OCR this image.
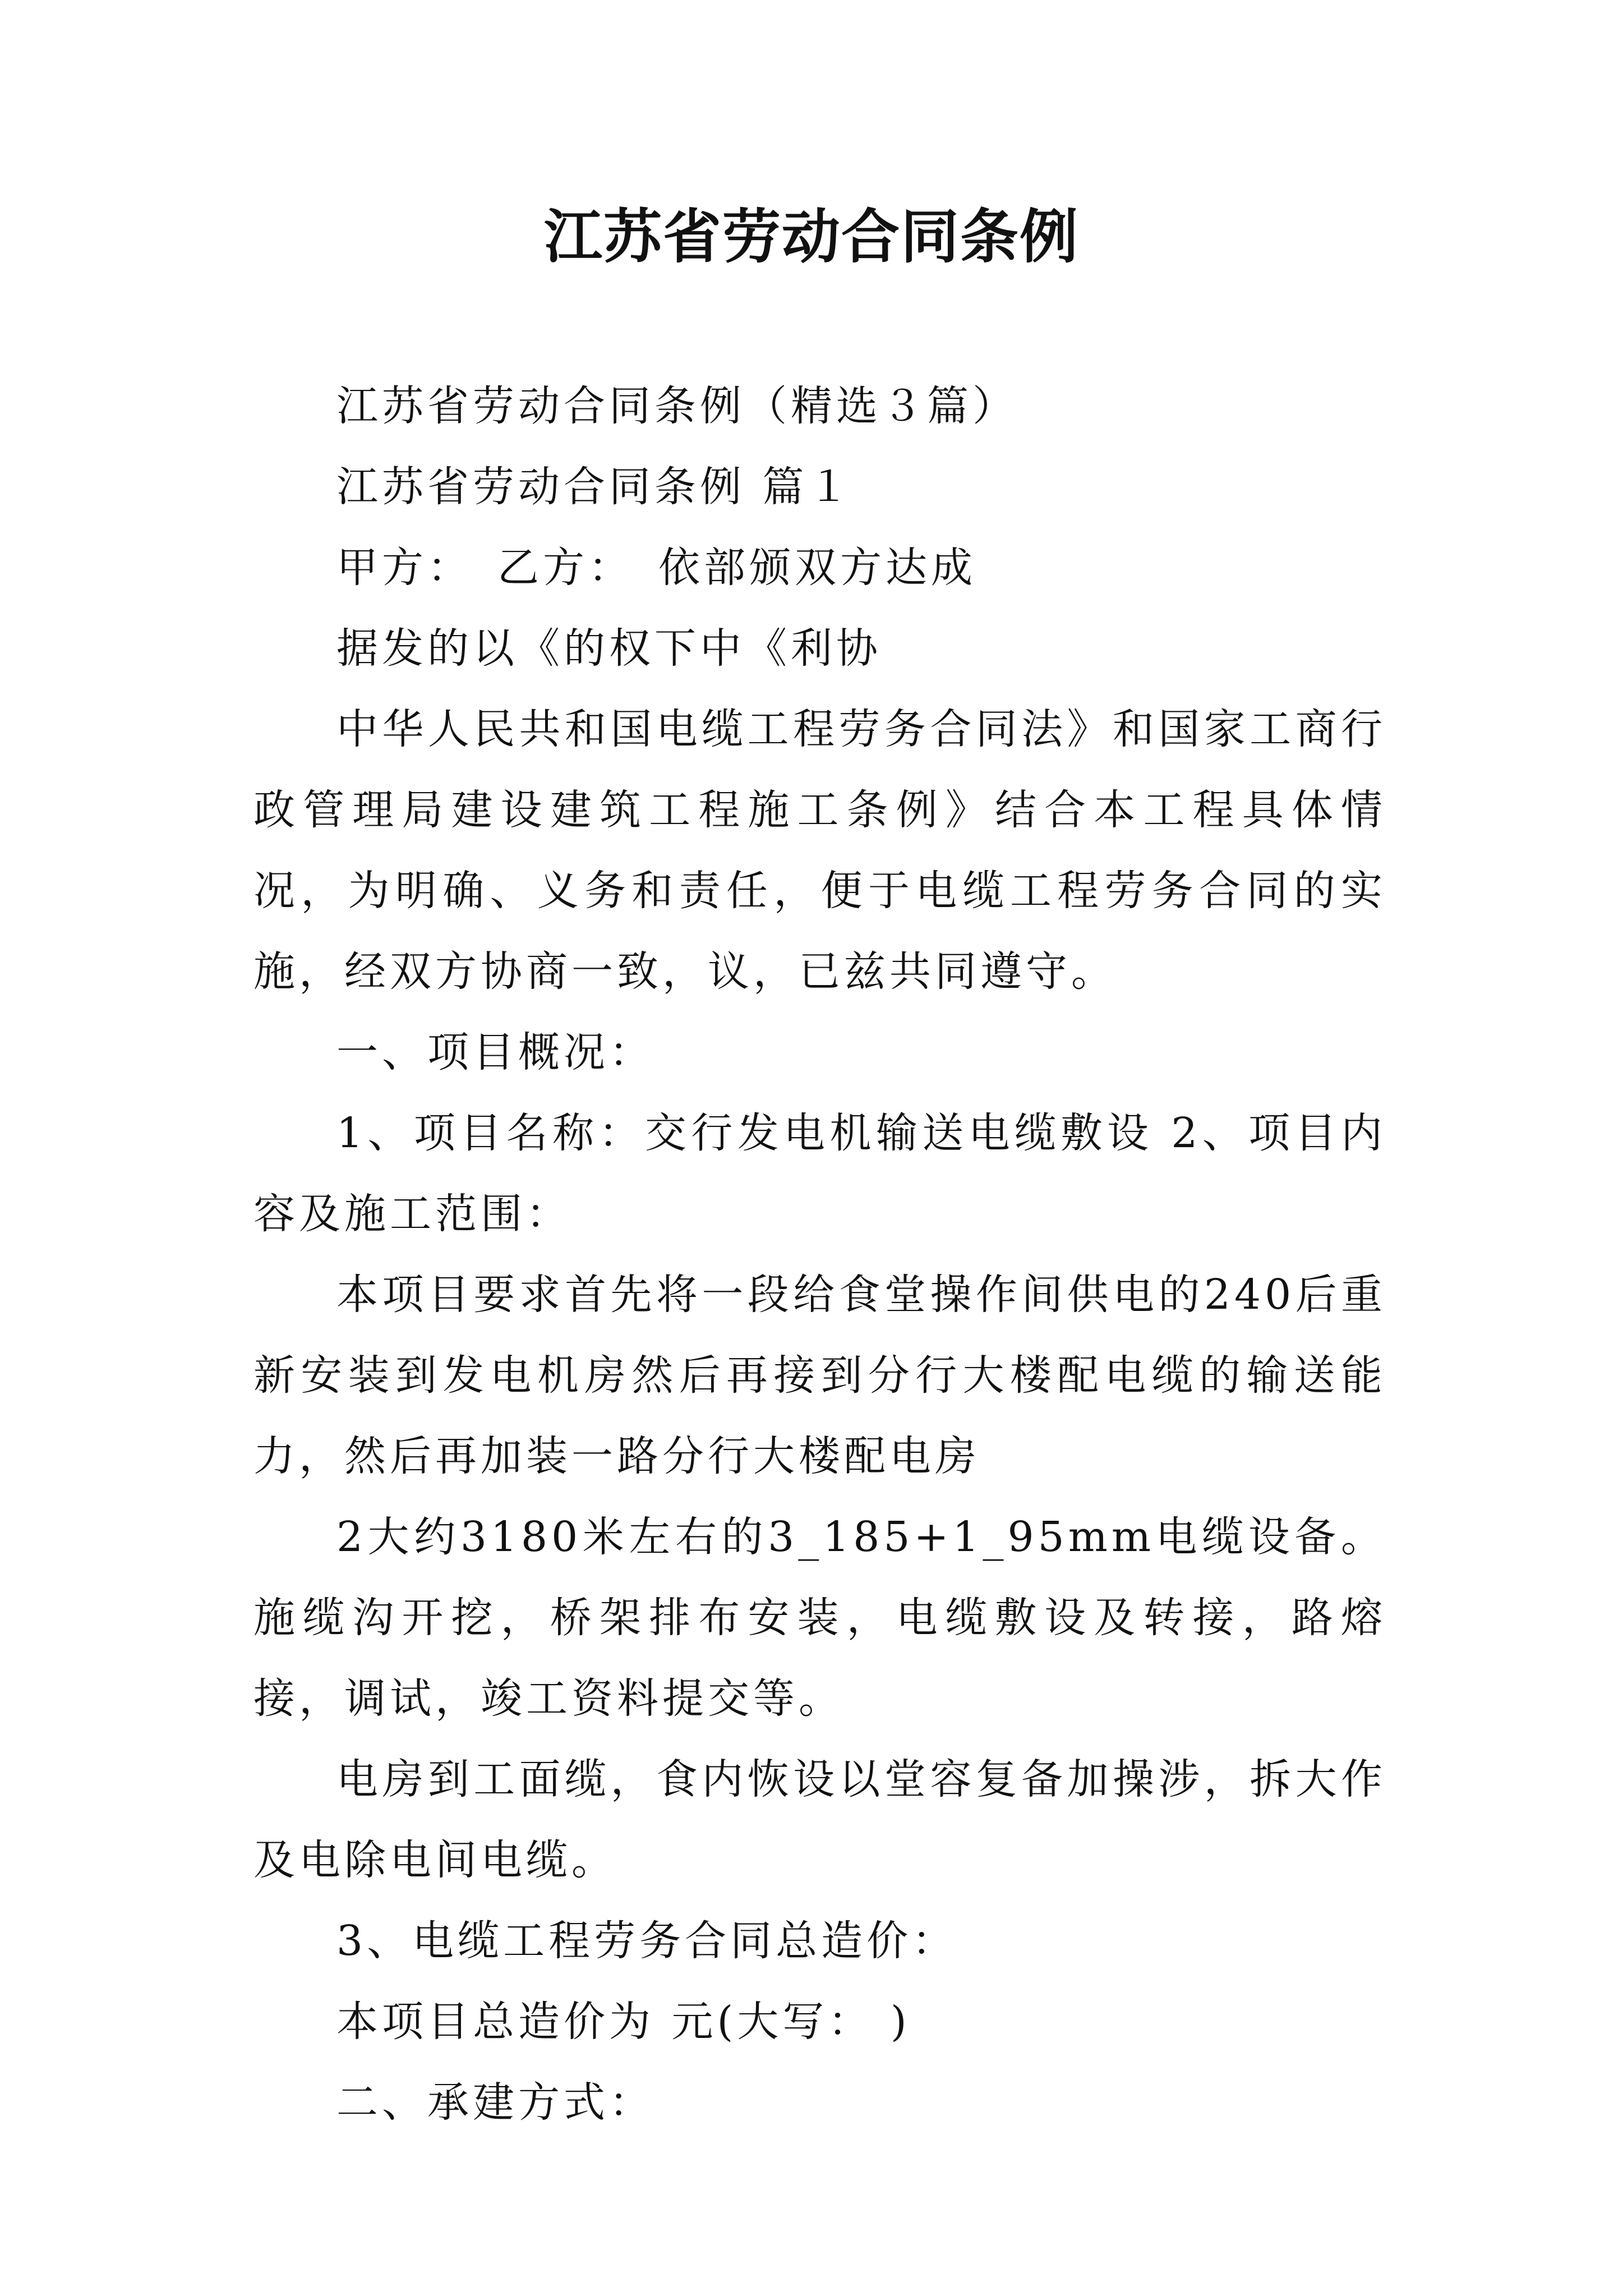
江苏省劳动合同条例

江苏省劳动合同条例（精选３篇）

江苏省劳动合同条例 篇１

甲方：　乙方：　依部颁双方达成

据发的以《的权下中《利协

中华人民共和国电缆工程劳务合同法》和国家工商行政管理局建设建筑工程施工条例》结合本工程具体情况，为明确、义务和责任，便于电缆工程劳务合同的实施，经双方协商一致，议，已兹共同遵守。

一、项目概况：

1、项目名称：交行发电机输送电缆敷设 2、项目内容及施工范围：

本项目要求首先将一段给食堂操作间供电的240后重新安装到发电机房然后再接到分行大楼配电缆的输送能力，然后再加装一路分行大楼配电房

2大约3180米左右的3_185+1_95mm电缆设备。施缆沟开挖，桥架排布安装，电缆敷设及转接，路熔接，调试，竣工资料提交等。

电房到工面缆，食内恢设以堂容复备加操涉，拆大作及电除电间电缆。

3、电缆工程劳务合同总造价：

本项目总造价为 元(大写： )

二、承建方式：
